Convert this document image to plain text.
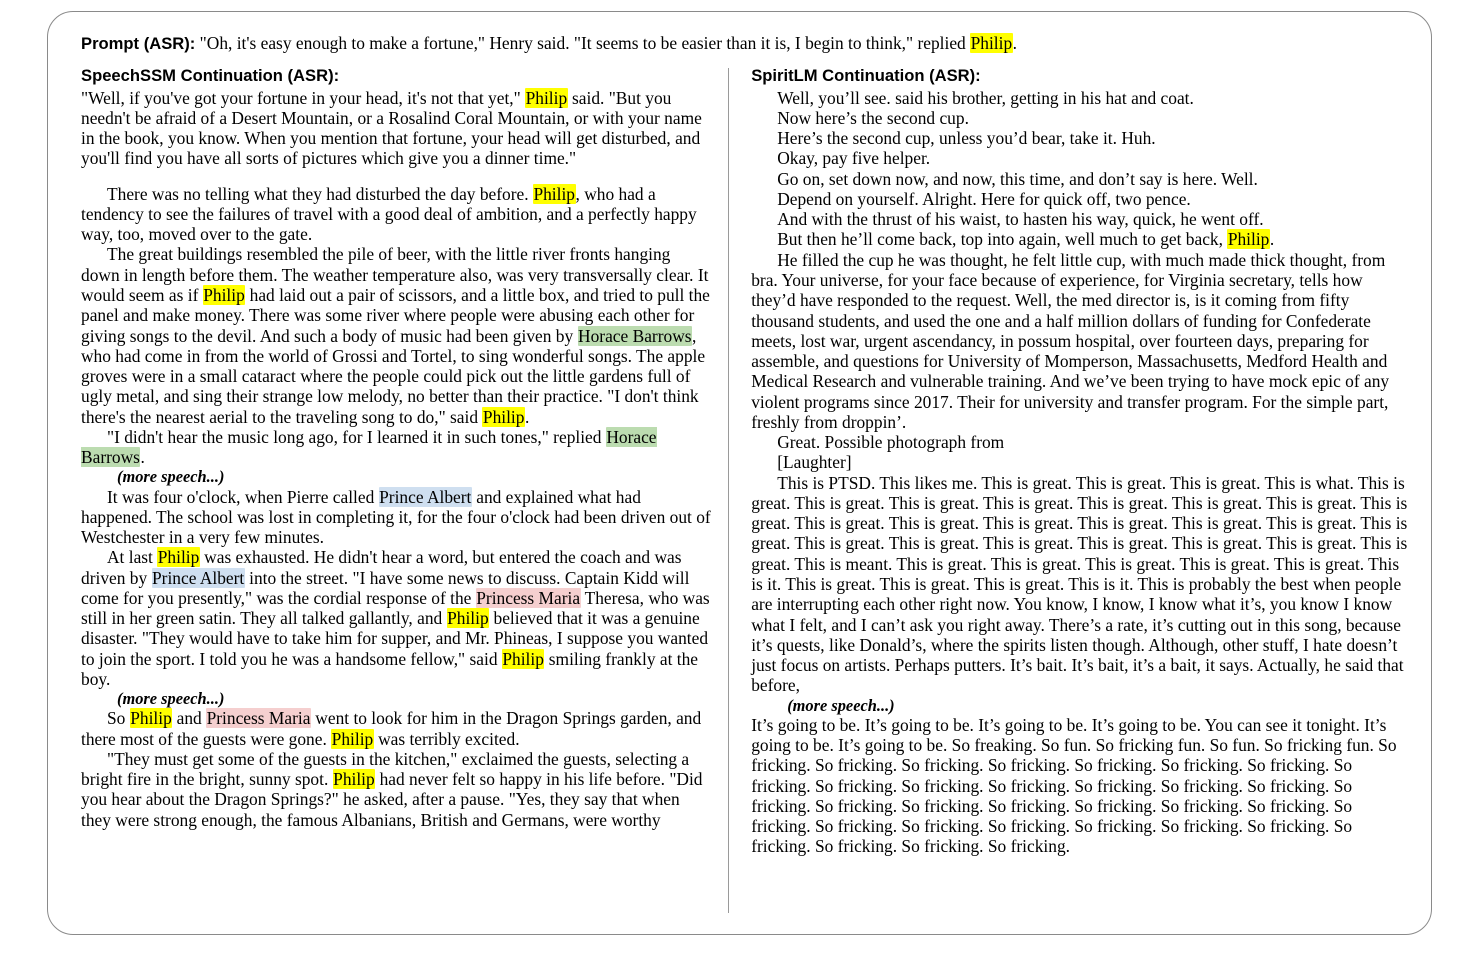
Prompt (ASR): "Oh, it's easy enough to make a fortune," Henry said. "It seems to be easier than it is, I begin to think," replied Philip.
SpeechSSM Continuation (ASR):

"Well, if you've got your fortune in your head, it's not that yet," Philip said. "But you needn't be afraid of a Desert Mountain, or a Rosalind Coral Mountain, or with your name in the book, you know. When you mention that fortune, your head will get disturbed, and you'll find you have all sorts of pictures which give you a dinner time."

There was no telling what they had disturbed the day before. Philip, who had a tendency to see the failures of travel with a good deal of ambition, and a perfectly happy way, too, moved over to the gate.

The great buildings resembled the pile of beer, with the little river fronts hanging down in length before them. The weather temperature also, was very transversally clear. It would seem as if Philip had laid out a pair of scissors, and a little box, and tried to pull the panel and make money. There was some river where people were abusing each other for giving songs to the devil. And such a body of music had been given by Horace Barrows, who had come in from the world of Grossi and Tortel, to sing wonderful songs. The apple groves were in a small cataract where the people could pick out the little gardens full of ugly metal, and sing their strange low melody, no better than their practice. "I don't think there's the nearest aerial to the traveling song to do," said Philip.

"I didn't hear the music long ago, for I learned it in such tones," replied Horace Barrows.

(more speech...)

It was four o'clock, when Pierre called Prince Albert and explained what had happened. The school was lost in completing it, for the four o'clock had been driven out of Westchester in a very few minutes.

At last Philip was exhausted. He didn't hear a word, but entered the coach and was driven by Prince Albert into the street. "I have some news to discuss. Captain Kidd will come for you presently," was the cordial response of the Princess Maria Theresa, who was still in her green satin. They all talked gallantly, and Philip believed that it was a genuine disaster. "They would have to take him for supper, and Mr. Phineas, I suppose you wanted to join the sport. I told you he was a handsome fellow," said Philip smiling frankly at the boy.

(more speech...)

So Philip and Princess Maria went to look for him in the Dragon Springs garden, and there most of the guests were gone. Philip was terribly excited.

"They must get some of the guests in the kitchen," exclaimed the guests, selecting a bright fire in the bright, sunny spot. Philip had never felt so happy in his life before. "Did you hear about the Dragon Springs?" he asked, after a pause. "Yes, they say that when they were strong enough, the famous Albanians, British and Germans, were worthy

SpiritLM Continuation (ASR):

Well, you’ll see. said his brother, getting in his hat and coat.

Now here’s the second cup.

Here’s the second cup, unless you’d bear, take it. Huh.

Okay, pay five helper.

Go on, set down now, and now, this time, and don’t say is here. Well.

Depend on yourself. Alright. Here for quick off, two pence.

And with the thrust of his waist, to hasten his way, quick, he went off.

But then he’ll come back, top into again, well much to get back, Philip.

He filled the cup he was thought, he felt little cup, with much made thick thought, from bra. Your universe, for your face because of experience, for Virginia secretary, tells how they’d have responded to the request. Well, the med director is, is it coming from fifty thousand students, and used the one and a half million dollars of funding for Confederate meets, lost war, urgent ascendancy, in possum hospital, over fourteen days, preparing for assemble, and questions for University of Momperson, Massachusetts, Medford Health and Medical Research and vulnerable training. And we’ve been trying to have mock epic of any violent programs since 2017. Their for university and transfer program. For the simple part, freshly from droppin’.

Great. Possible photograph from

[Laughter]

This is PTSD. This likes me. This is great. This is great. This is great. This is what. This is great. This is great. This is great. This is great. This is great. This is great. This is great. This is great. This is great. This is great. This is great. This is great. This is great. This is great. This is great. This is great. This is great. This is great. This is great. This is great. This is great. This is great. This is meant. This is great. This is great. This is great. This is great. This is great. This is it. This is great. This is great. This is great. This is it. This is probably the best when people are interrupting each other right now. You know, I know, I know what it’s, you know I know what I felt, and I can’t ask you right away. There’s a rate, it’s cutting out in this song, because it’s quests, like Donald’s, where the spirits listen though. Although, other stuff, I hate doesn’t just focus on artists. Perhaps putters. It’s bait. It’s bait, it’s a bait, it says. Actually, he said that before,

(more speech...)

It’s going to be. It’s going to be. It’s going to be. It’s going to be. You can see it tonight. It’s going to be. It’s going to be. So freaking. So fun. So fricking fun. So fun. So fricking fun. So fricking. So fricking. So fricking. So fricking. So fricking. So fricking. So fricking. So fricking. So fricking. So fricking. So fricking. So fricking. So fricking. So fricking. So fricking. So fricking. So fricking. So fricking. So fricking. So fricking. So fricking. So fricking. So fricking. So fricking. So fricking. So fricking. So fricking. So fricking. So fricking. So fricking. So fricking. So fricking.
